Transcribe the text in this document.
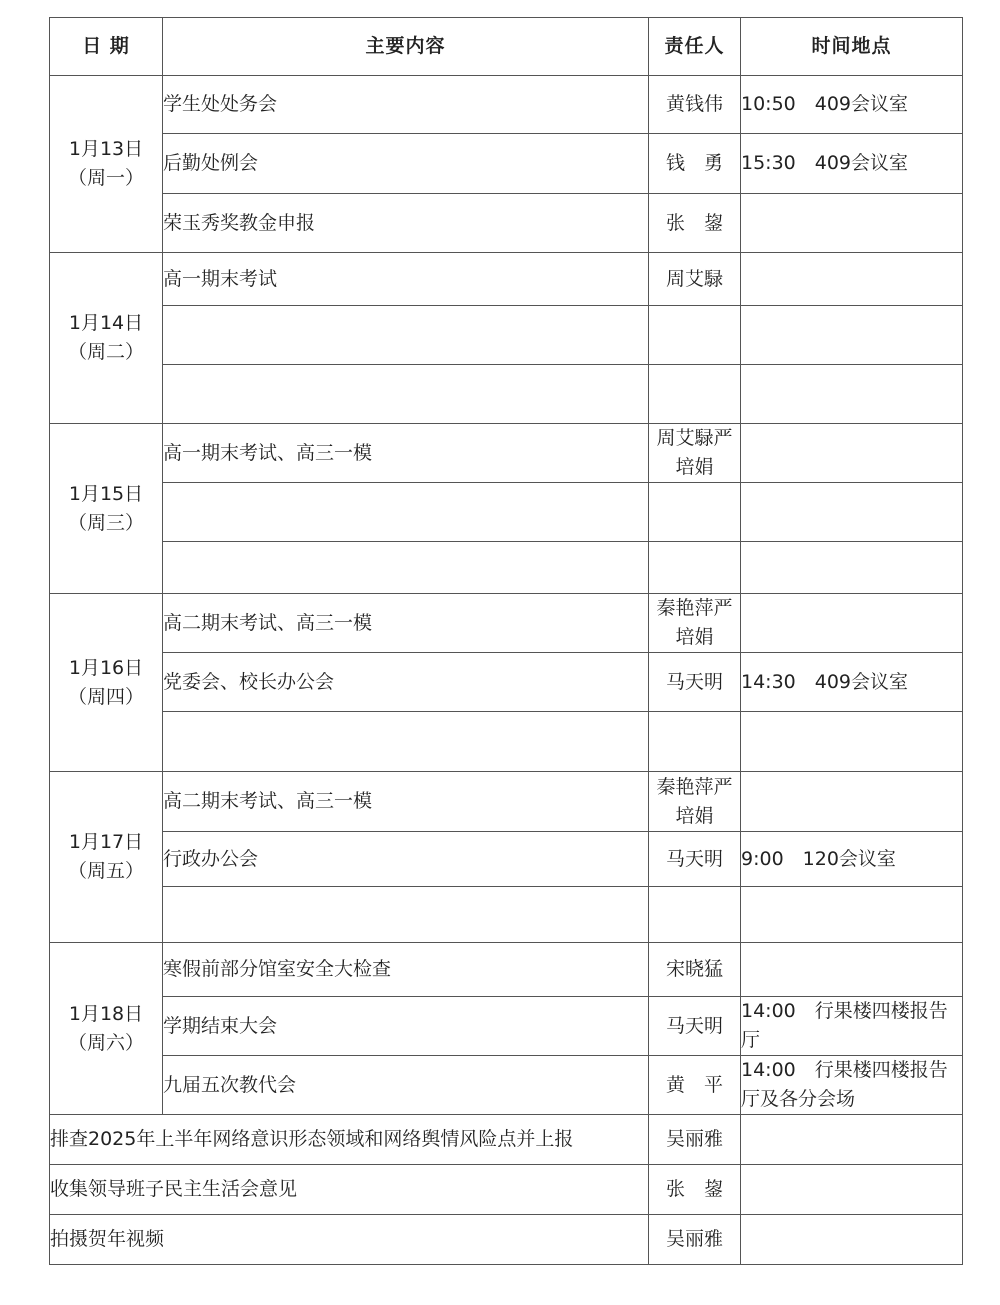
日 期	主要内容	责任人	时间地点

1月13日
（周一）	学生处处务会	黄钱伟	10:50　409会议室
	后勤处例会	钱　勇	15:30　409会议室
	荣玉秀奖教金申报	张　鋆	

1月14日
（周二）	高一期末考试	周艾騄	

1月15日
（周三）	高一期末考试、高三一模	周艾騄严培娟	

1月16日
（周四）	高二期末考试、高三一模	秦艳萍严培娟	
	党委会、校长办公会	马天明	14:30　409会议室

1月17日
（周五）	高二期末考试、高三一模	秦艳萍严培娟	
	行政办公会	马天明	9:00　120会议室

1月18日
（周六）	寒假前部分馆室安全大检查	宋晓猛	
	学期结束大会	马天明	14:00　行果楼四楼报告厅
	九届五次教代会	黄　平	14:00　行果楼四楼报告厅及各分会场
排查2025年上半年网络意识形态领域和网络舆情风险点并上报		吴丽雅	
收集领导班子民主生活会意见		张　鋆	
拍摄贺年视频		吴丽雅	
